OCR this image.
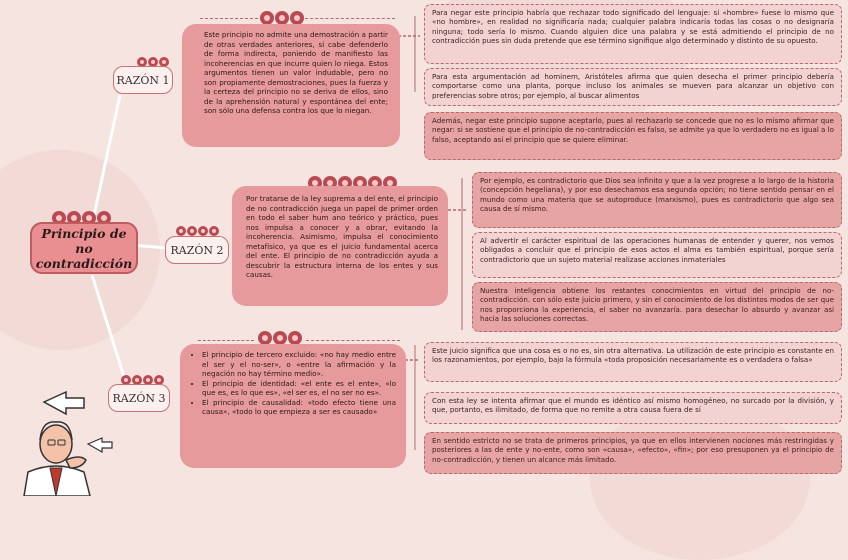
Principio de no contradicción
RAZÓN 1
Este principio no admite una demostración a partir de otras verdades anteriores, si cabe defenderlo de forma indirecta, poniendo de manifiesto las incoherencias en que incurre quien lo niega. Estos argumentos tienen un valor indudable, pero no son propiamente demostraciones, pues la fuerza y la certeza del principio no se deriva de ellos, sino de la aprehensión natural y espontánea del ente; son sólo una defensa contra los que lo niegan.
Para negar este principio habría que rechazar todo significado del lenguaje: si «hombre» fuese lo mismo que «no hombre», en realidad no significaría nada; cualquier palabra indicaría todas las cosas o no designaría ninguna; todo sería lo mismo. Cuando alguien dice una palabra y se está admitiendo el principio de no contradicción pues sin duda pretende que ese término signifique algo determinado y distinto de su opuesto.
Para esta argumentación ad hominem, Aristóteles afirma que quien desecha el primer principio debería comportarse como una planta, porque incluso los animales se mueven para alcanzar un objetivo con preferencias sobre otros; por ejemplo, al buscar alimentos
Además, negar este principio supone aceptarlo, pues al rechazarlo se concede que no es lo mismo afirmar que negar: si se sostiene que el principio de no-contradicción es falso, se admite ya que lo verdadero no es igual a lo falso, aceptando así el principio que se quiere eliminar.
RAZÓN 2
Por tratarse de la ley suprema a del ente, el principio de no contradicción juega un papel de primer orden en todo el saber hum ano teórico y práctico, pues nos impulsa a conocer y a obrar, evitando la incoherencia. Asimismo, impulsa el conocimiento metafísico, ya que es el juicio fundamental acerca del ente. El principio de no contradicción ayuda a descubrir la estructura interna de los entes y sus causas.
Por ejemplo, es contradictorio que Dios sea infinito y que a la vez progrese a lo largo de la historia (concepción hegeliana), y por eso desechamos esa segunda opción; no tiene sentido pensar en el mundo como una materia que se autoproduce (marxismo), pues es contradictorio que algo sea causa de sí mismo.
Al advertir el carácter espiritual de las operaciones humanas de entender y querer, nos vemos obligados a concluir que el principio de esos actos el alma es también espiritual, porque sería contradictorio que un sujeto material realizase acciones inmateriales
Nuestra inteligencia obtiene los restantes conocimientos en virtud del principio de no-contradicción. con sólo este juicio primero, y sin el conocimiento de los distintos modos de ser que nos proporciona la experiencia, el saber no avanzaría. para desechar lo absurdo y avanzar así hacia las soluciones correctas.
RAZÓN 3
• El principio de tercero excluido: «no hay medio entre el ser y el no-ser», o «entre la afirmación y la negación no hay término medio».
• El principio de identidad: «el ente es el ente», «lo que es, es lo que es», «el ser es, el no ser no es».
• El principio de causalidad: «todo efecto tiene una causa», «todo lo que empieza a ser es causado»
Este juicio significa que una cosa es o no es, sin otra alternativa. La utilización de este principio es constante en los razonamientos, por ejemplo, bajo la fórmula «toda proposición necesariamente es o verdadera o falsa»
Con esta ley se intenta afirmar que el mundo es idéntico así mismo homogéneo, no surcado por la división, y que, portanto, es ilimitado, de forma que no remite a otra causa fuera de sí
En sentido estricto no se trata de primeros principios, ya que en ellos intervienen nociones más restringidas y posteriores a las de ente y no-ente, como son «causa», «efecto», «fin»; por eso presuponen ya el principio de no-contradicción, y tienen un alcance más limitado.
